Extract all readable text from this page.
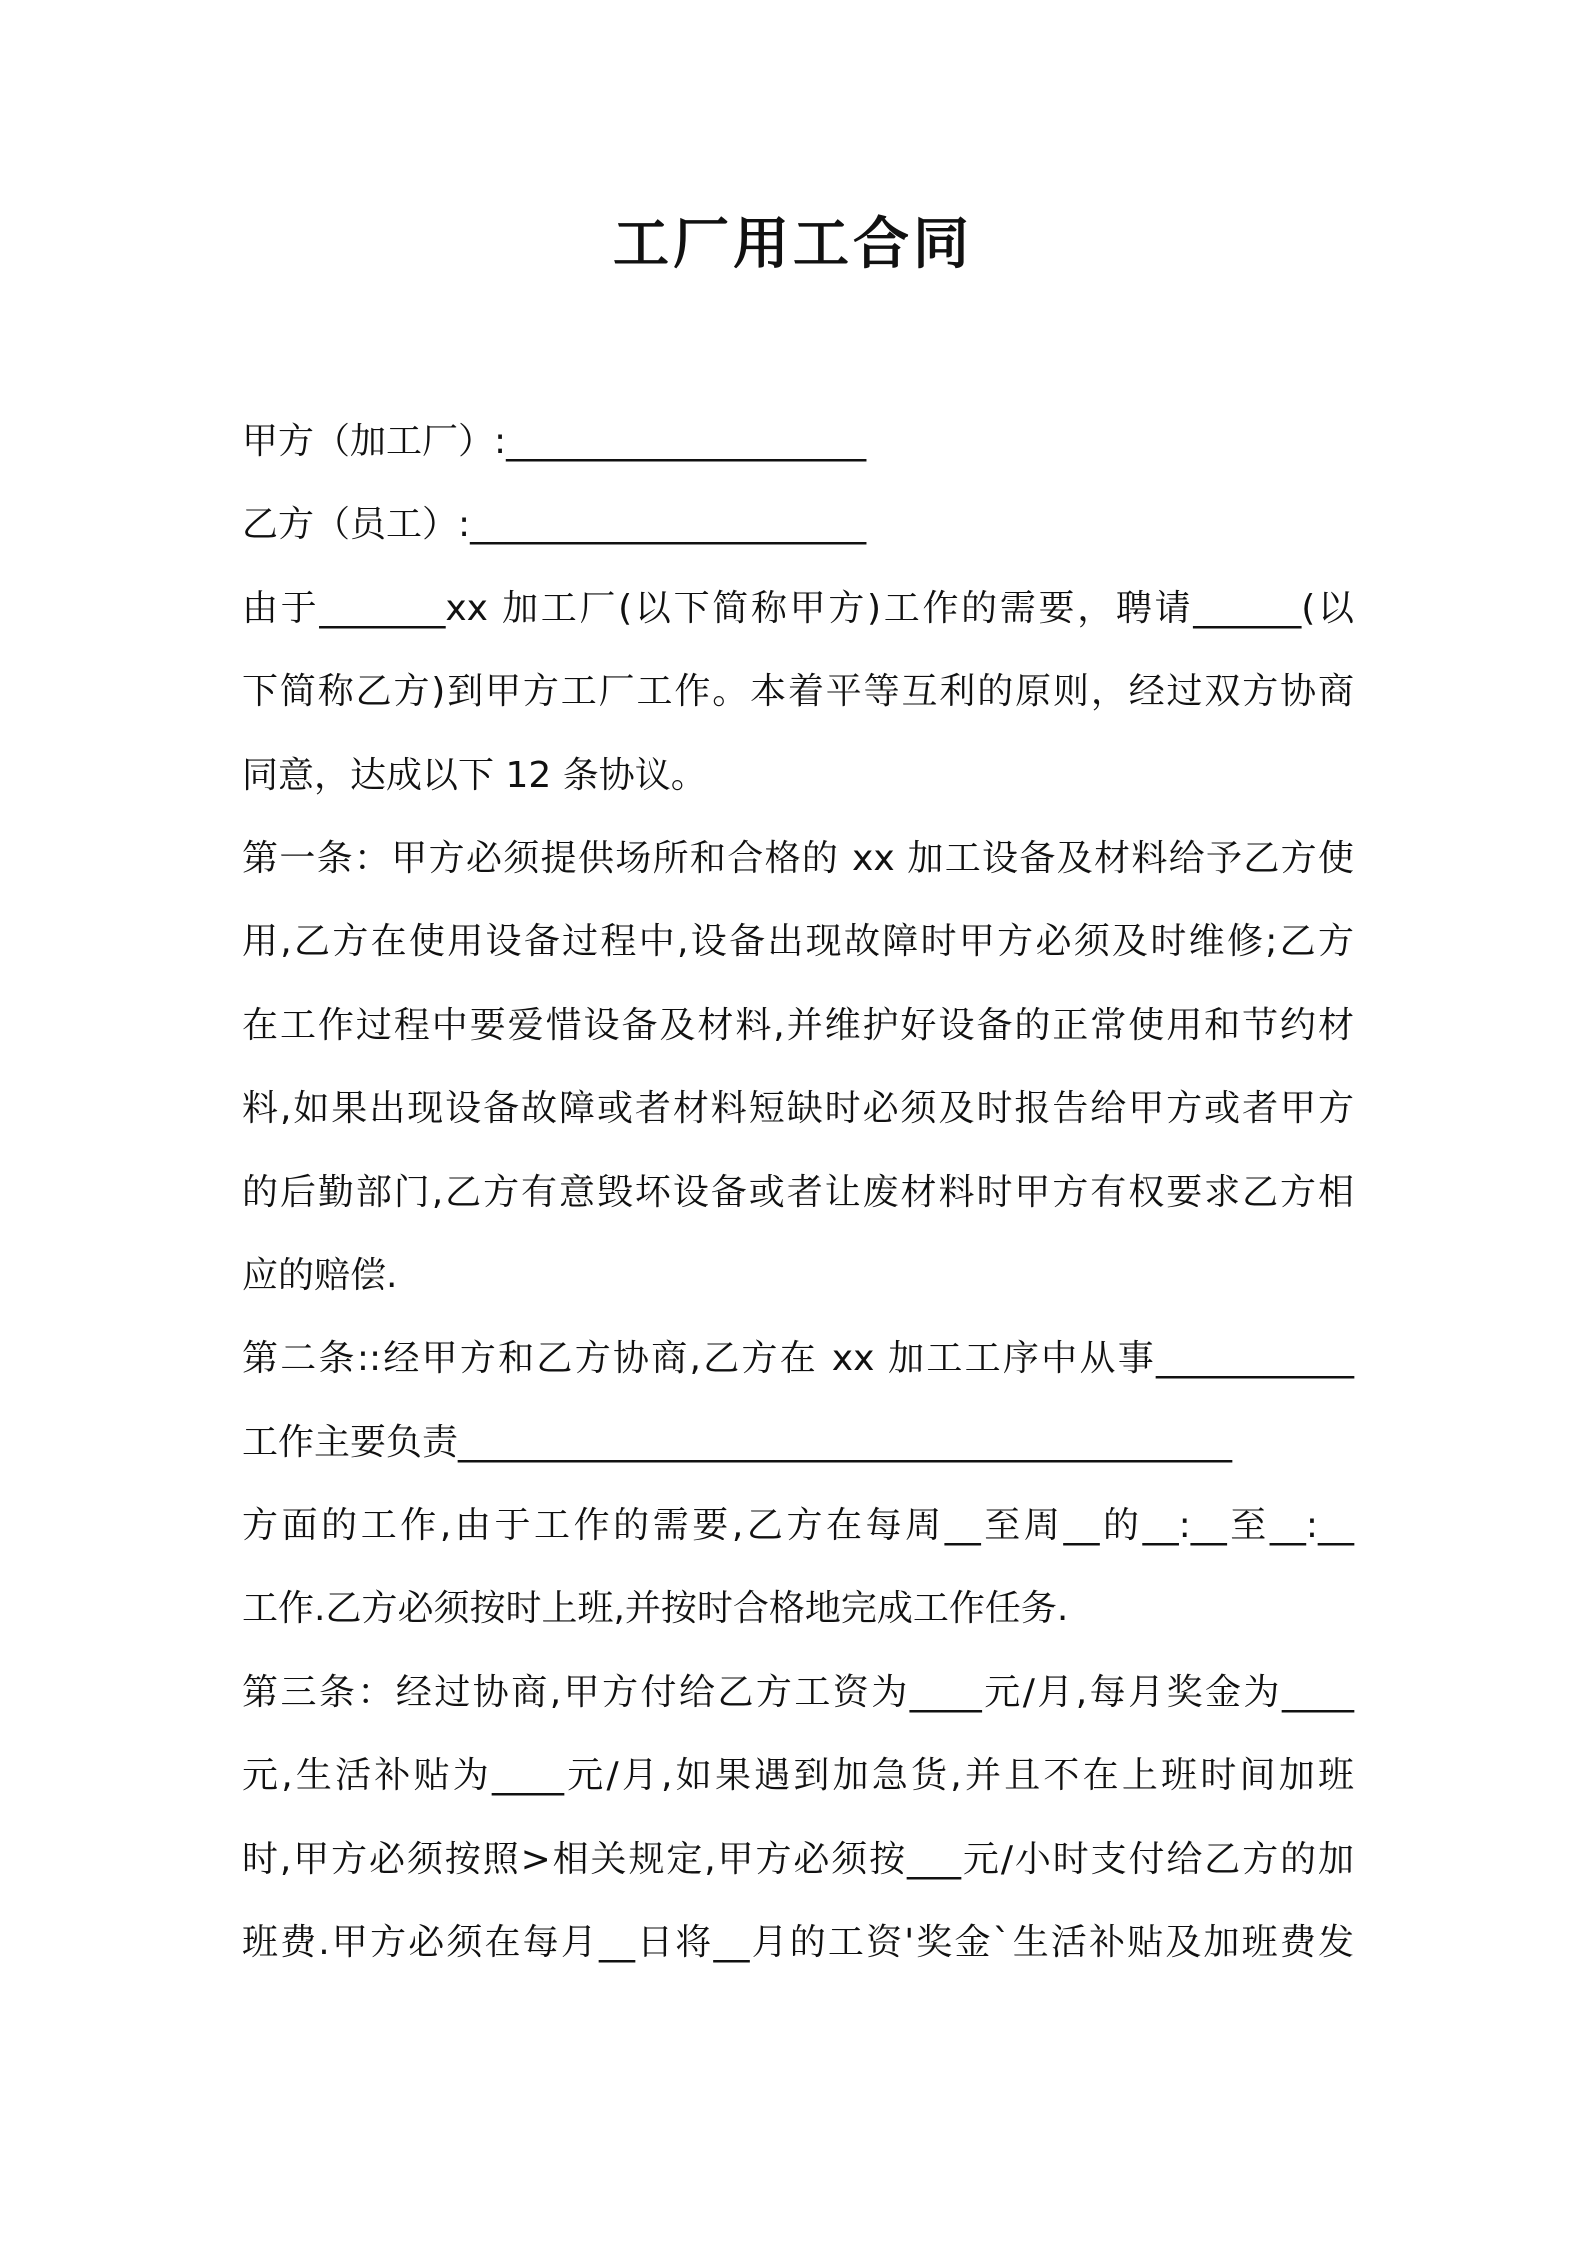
工厂用工合同
甲方（加工厂）:____________________
乙方（员工）:______________________
由于_______xx 加工厂(以下简称甲方)工作的需要，聘请______(以
下简称乙方)到甲方工厂工作。本着平等互利的原则，经过双方协商
同意，达成以下 12 条协议。
第一条：甲方必须提供场所和合格的 xx 加工设备及材料给予乙方使
用,乙方在使用设备过程中,设备出现故障时甲方必须及时维修;乙方
在工作过程中要爱惜设备及材料,并维护好设备的正常使用和节约材
料,如果出现设备故障或者材料短缺时必须及时报告给甲方或者甲方
的后勤部门,乙方有意毁坏设备或者让废材料时甲方有权要求乙方相
应的赔偿.
第二条::经甲方和乙方协商,乙方在 xx 加工工序中从事___________
工作主要负责___________________________________________
方面的工作,由于工作的需要,乙方在每周__至周__的__:__至__:__
工作.乙方必须按时上班,并按时合格地完成工作任务.
第三条：经过协商,甲方付给乙方工资为____元/月,每月奖金为____
元,生活补贴为____元/月,如果遇到加急货,并且不在上班时间加班
时,甲方必须按照>相关规定,甲方必须按___元/小时支付给乙方的加
班费.甲方必须在每月__日将__月的工资'奖金`生活补贴及加班费发
